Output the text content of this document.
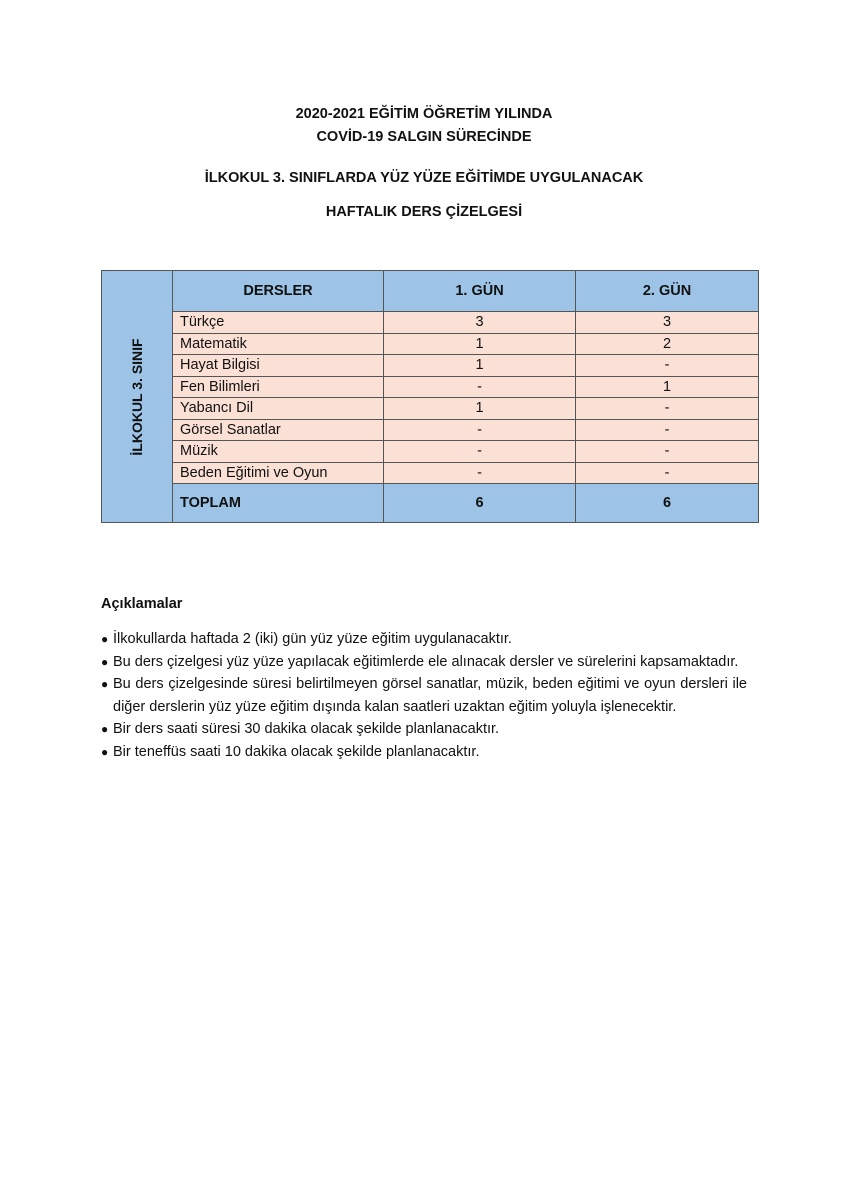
2020-2021 EĞİTİM ÖĞRETİM YILINDA
COVİD-19 SALGIN SÜRECİNDE
İLKOKUL 3. SINIFLARDA YÜZ YÜZE EĞİTİMDE UYGULANACAK
HAFTALIK DERS ÇİZELGESİ
İLKOKUL 3. SINIF	DERSLER	1. GÜN	2. GÜN
	Türkçe	3	3
	Matematik	1	2
	Hayat Bilgisi	1	-
	Fen Bilimleri	-	1
	Yabancı Dil	1	-
	Görsel Sanatlar	-	-
	Müzik	-	-
	Beden Eğitimi ve Oyun	-	-
	TOPLAM	6	6
Açıklamalar
● İlkokullarda haftada 2 (iki) gün yüz yüze eğitim uygulanacaktır.
● Bu ders çizelgesi yüz yüze yapılacak eğitimlerde ele alınacak dersler ve sürelerini kapsamaktadır.
● Bu ders çizelgesinde süresi belirtilmeyen görsel sanatlar, müzik, beden eğitimi ve oyun dersleri ile diğer derslerin yüz yüze eğitim dışında kalan saatleri uzaktan eğitim yoluyla işlenecektir.
● Bir ders saati süresi 30 dakika olacak şekilde planlanacaktır.
● Bir teneffüs saati 10 dakika olacak şekilde planlanacaktır.
